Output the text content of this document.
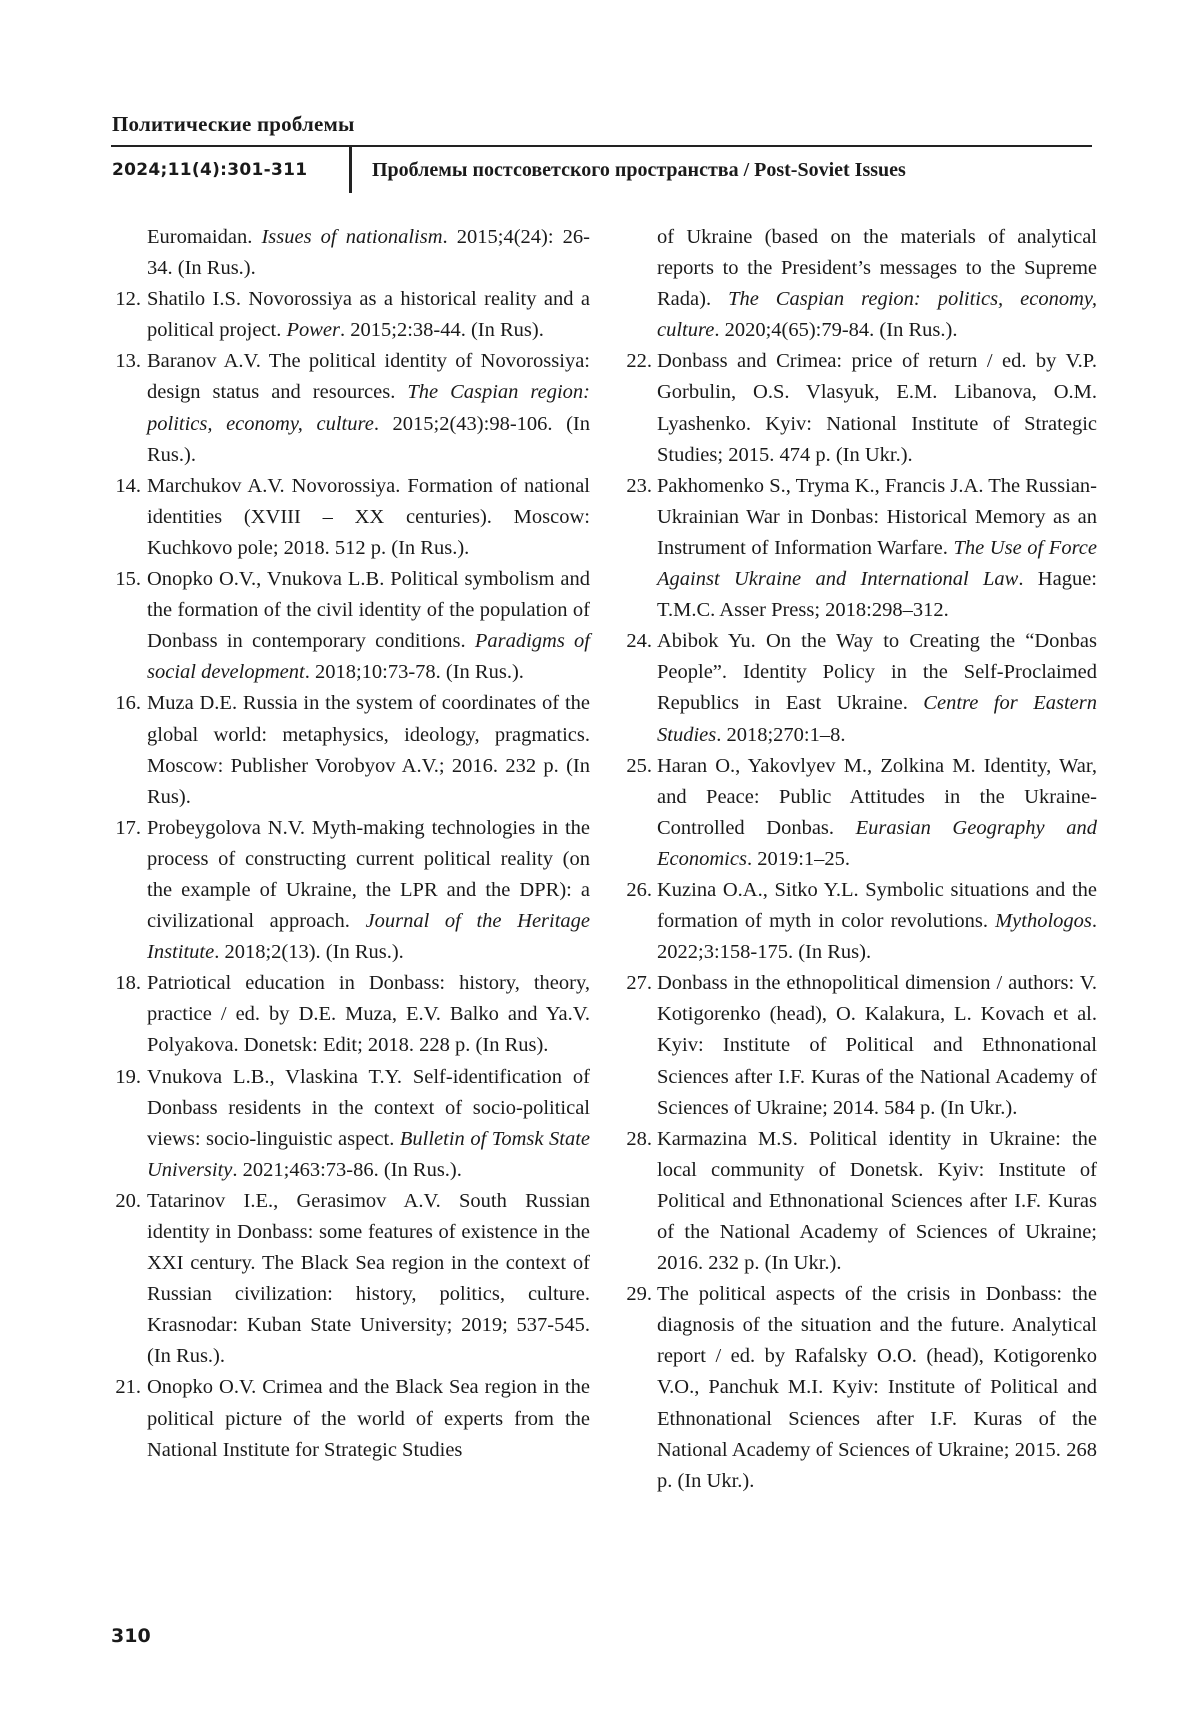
Политические проблемы
2024;11(4):301-311	Проблемы постсоветского пространства / Post-Soviet Issues
Euromaidan. Issues of nationalism. 2015;4(24): 26-34. (In Rus.).
12. Shatilo I.S. Novorossiya as a historical reality and a political project. Power. 2015;2:38-44. (In Rus).
13. Baranov A.V. The political identity of Novorossiya: design status and resources. The Caspian region: politics, economy, culture. 2015;2(43):98-106. (In Rus.).
14. Marchukov A.V. Novorossiya. Formation of national identities (XVIII – XX centuries). Moscow: Kuchkovo pole; 2018. 512 p. (In Rus.).
15. Onopko O.V., Vnukova L.B. Political symbolism and the formation of the civil identity of the population of Donbass in contemporary conditions. Paradigms of social development. 2018;10:73-78. (In Rus.).
16. Muza D.E. Russia in the system of coordinates of the global world: metaphysics, ideology, pragmatics. Moscow: Publisher Vorobyov A.V.; 2016. 232 p. (In Rus).
17. Probeygolova N.V. Myth-making technologies in the process of constructing current political reality (on the example of Ukraine, the LPR and the DPR): a civilizational approach. Journal of the Heritage Institute. 2018;2(13). (In Rus.).
18. Patriotical education in Donbass: history, theory, practice / ed. by D.E. Muza, E.V. Balko and Ya.V. Polyakova. Donetsk: Edit; 2018. 228 p. (In Rus).
19. Vnukova L.B., Vlaskina T.Y. Self-identification of Donbass residents in the context of socio-political views: socio-linguistic aspect. Bulletin of Tomsk State University. 2021;463:73-86. (In Rus.).
20. Tatarinov I.E., Gerasimov A.V. South Russian identity in Donbass: some features of existence in the XXI century. The Black Sea region in the context of Russian civilization: history, politics, culture. Krasnodar: Kuban State University; 2019; 537-545. (In Rus.).
21. Onopko O.V. Crimea and the Black Sea region in the political picture of the world of experts from the National Institute for Strategic Studies
of Ukraine (based on the materials of analytical reports to the President’s messages to the Supreme Rada). The Caspian region: politics, economy, culture. 2020;4(65):79-84. (In Rus.).
22. Donbass and Crimea: price of return / ed. by V.P. Gorbulin, O.S. Vlasyuk, E.M. Libanova, O.M. Lyashenko. Kyiv: National Institute of Strategic Studies; 2015. 474 p. (In Ukr.).
23. Pakhomenko S., Tryma K., Francis J.A. The Russian-Ukrainian War in Donbas: Historical Memory as an Instrument of Information Warfare. The Use of Force Against Ukraine and International Law. Hague: T.M.C. Asser Press; 2018:298–312.
24. Abibok Yu. On the Way to Creating the “Donbas People”. Identity Policy in the Self-Proclaimed Republics in East Ukraine. Centre for Eastern Studies. 2018;270:1–8.
25. Haran O., Yakovlyev M., Zolkina M. Identity, War, and Peace: Public Attitudes in the Ukraine-Controlled Donbas. Eurasian Geography and Economics. 2019:1–25.
26. Kuzina O.A., Sitko Y.L. Symbolic situations and the formation of myth in color revolutions. Mythologos. 2022;3:158-175. (In Rus).
27. Donbass in the ethnopolitical dimension / authors: V. Kotigorenko (head), O. Kalakura, L. Kovach et al. Kyiv: Institute of Political and Ethnonational Sciences after I.F. Kuras of the National Academy of Sciences of Ukraine; 2014. 584 p. (In Ukr.).
28. Karmazina M.S. Political identity in Ukraine: the local community of Donetsk. Kyiv: Institute of Political and Ethnonational Sciences after I.F. Kuras of the National Academy of Sciences of Ukraine; 2016. 232 p. (In Ukr.).
29. The political aspects of the crisis in Donbass: the diagnosis of the situation and the future. Analytical report / ed. by Rafalsky O.O. (head), Kotigorenko V.O., Panchuk M.I. Kyiv: Institute of Political and Ethnonational Sciences after I.F. Kuras of the National Academy of Sciences of Ukraine; 2015. 268 p. (In Ukr.).
310
